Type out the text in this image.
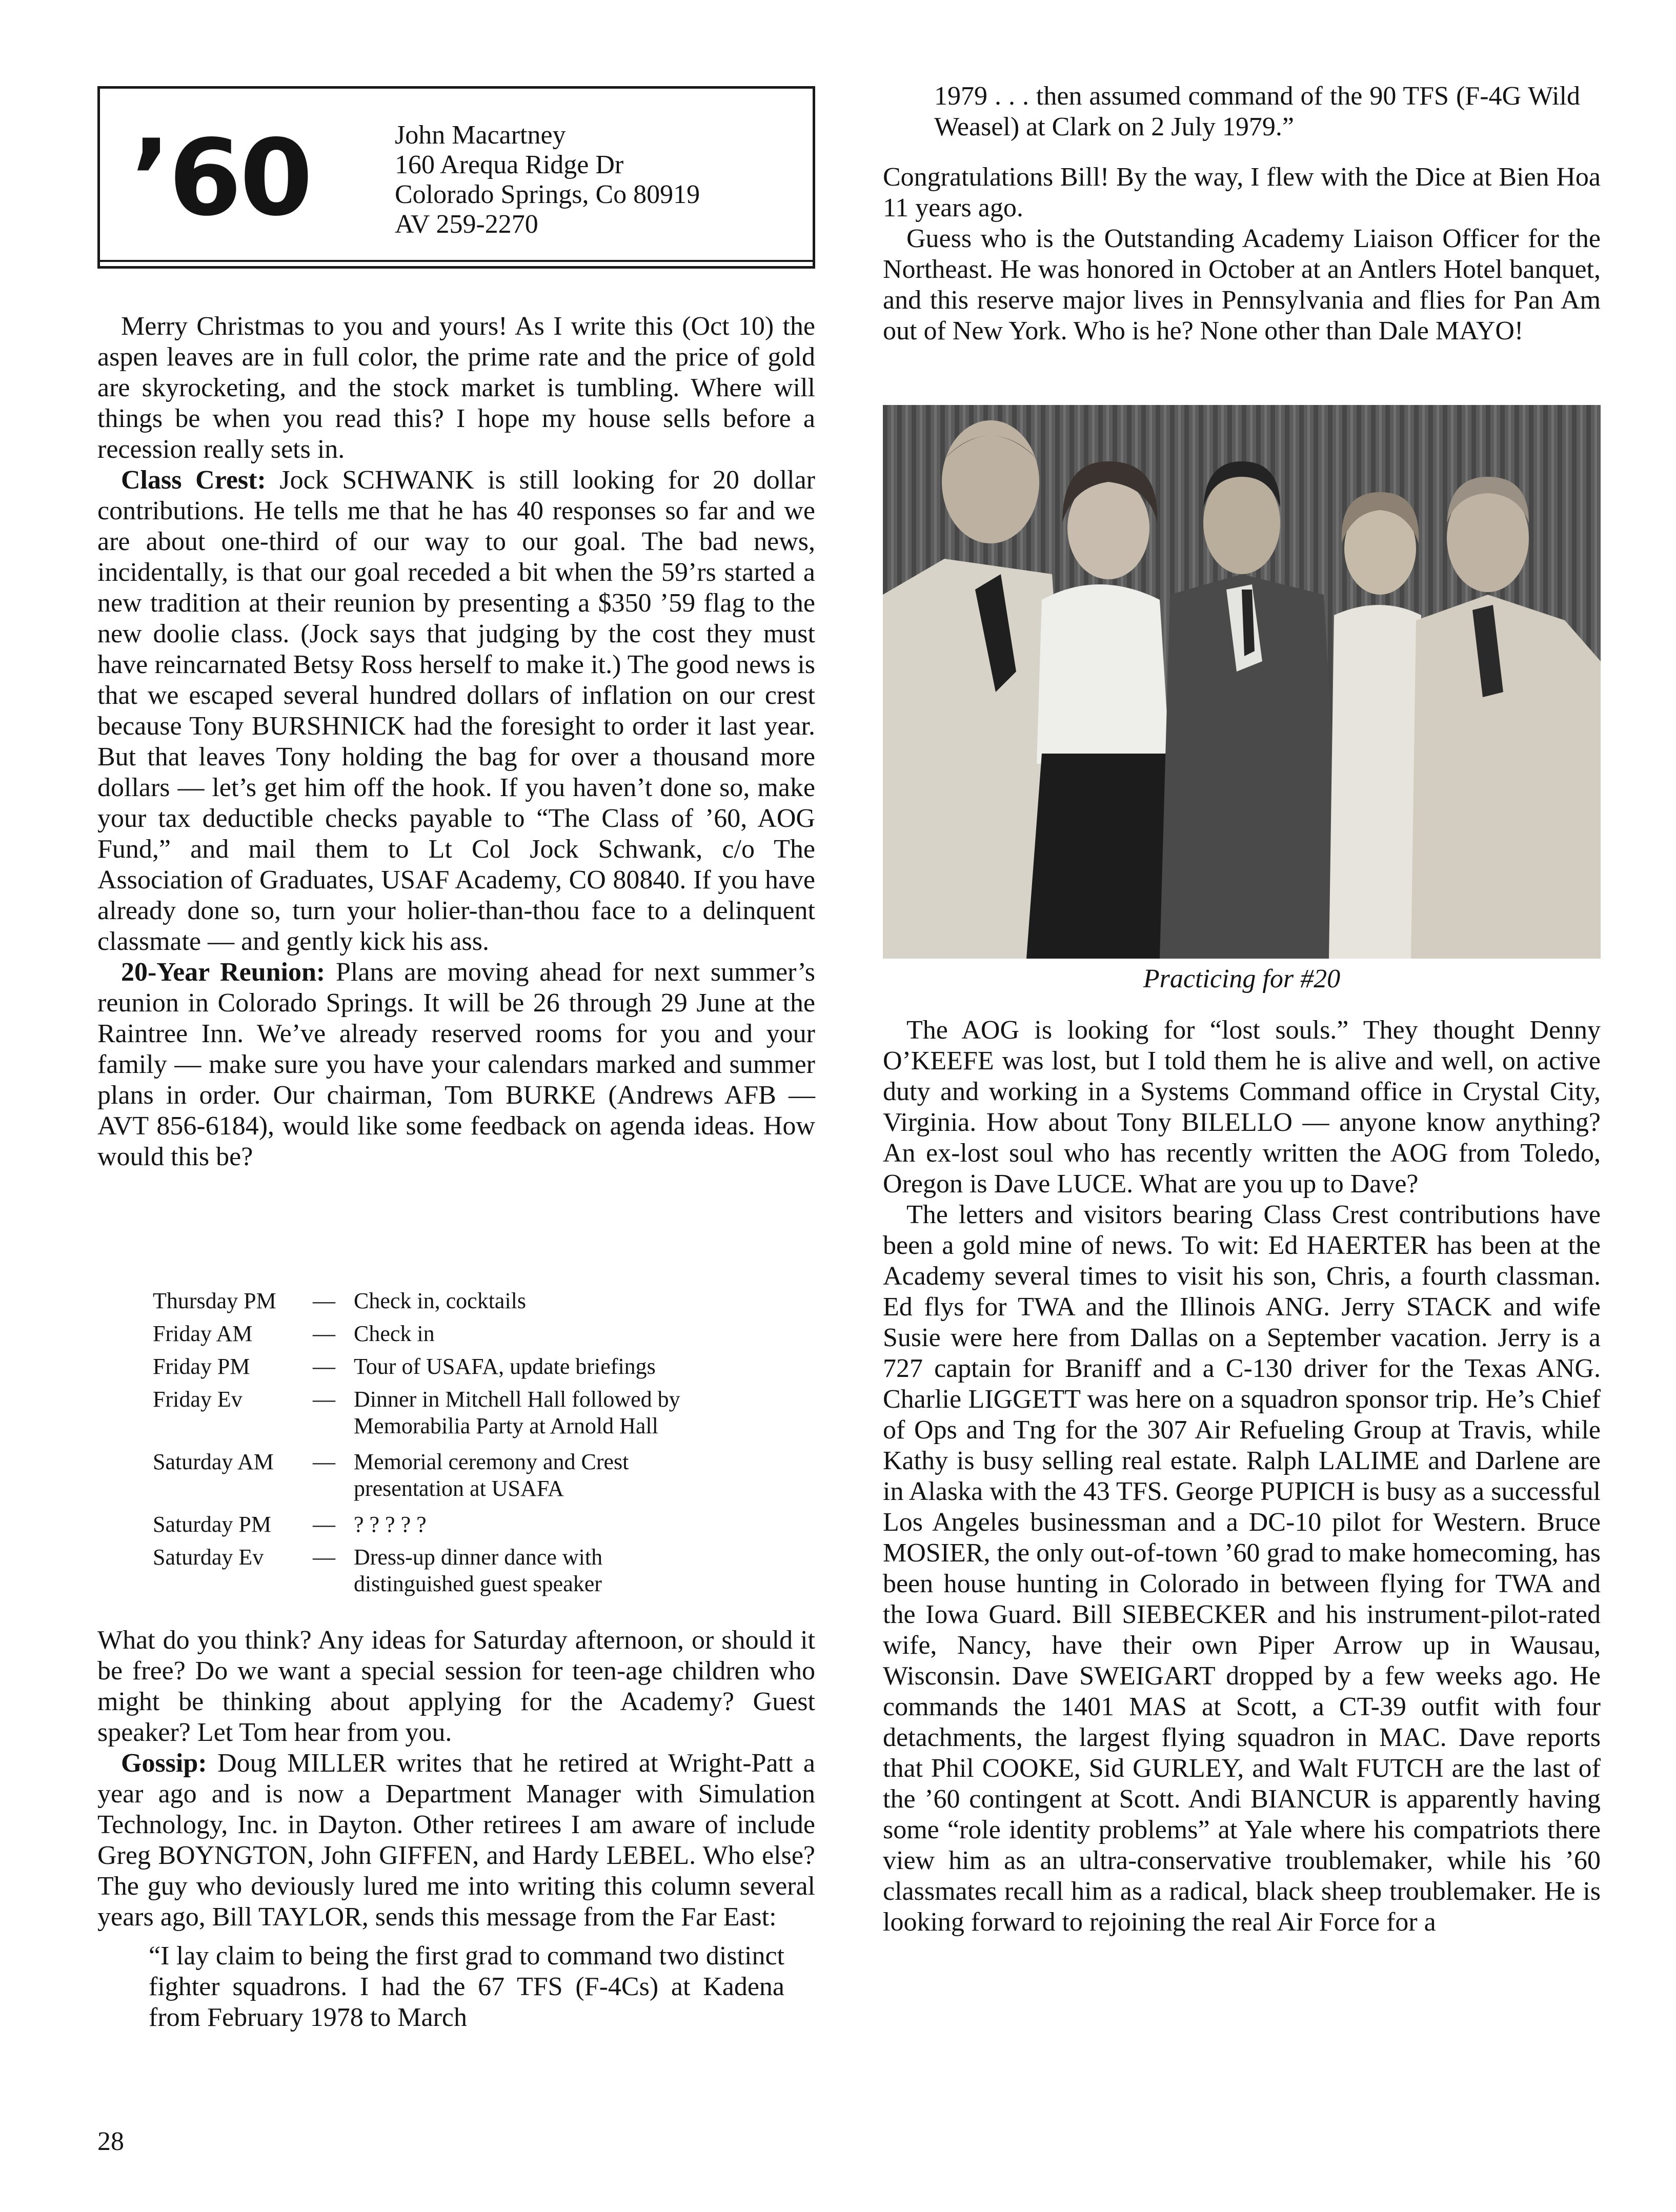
’60	John Macartney
160 Arequa Ridge Dr
Colorado Springs, Co 80919
AV 259-2270

Merry Christmas to you and yours! As I write this (Oct 10) the aspen leaves are in full color, the prime rate and the price of gold are skyrocketing, and the stock market is tumbling. Where will things be when you read this? I hope my house sells before a recession really sets in.

Class Crest: Jock SCHWANK is still looking for 20 dollar contributions. He tells me that he has 40 responses so far and we are about one-third of our way to our goal. The bad news, incidentally, is that our goal receded a bit when the 59’rs started a new tradition at their reunion by presenting a $350 ’59 flag to the new doolie class. (Jock says that judging by the cost they must have reincarnated Betsy Ross herself to make it.) The good news is that we escaped several hundred dollars of inflation on our crest because Tony BURSHNICK had the foresight to order it last year. But that leaves Tony holding the bag for over a thousand more dollars — let’s get him off the hook. If you haven’t done so, make your tax deductible checks payable to “The Class of ’60, AOG Fund,” and mail them to Lt Col Jock Schwank, c/o The Association of Graduates, USAF Academy, CO 80840. If you have already done so, turn your holier-than-thou face to a delinquent classmate — and gently kick his ass.

20-Year Reunion: Plans are moving ahead for next summer’s reunion in Colorado Springs. It will be 26 through 29 June at the Raintree Inn. We’ve already reserved rooms for you and your family — make sure you have your calendars marked and summer plans in order. Our chairman, Tom BURKE (Andrews AFB — AVT 856-6184), would like some feedback on agenda ideas. How would this be?

Thursday PM — Check in, cocktails
Friday AM	— Check in
Friday PM	— Tour of USAFA, update briefings
Friday Ev	— Dinner in Mitchell Hall followed by
Memorabilia Party at Arnold Hall
Saturday AM — Memorial ceremony and Crest
presentation at USAFA
Saturday PM — ? ? ? ? ?
Saturday Ev — Dress-up dinner dance with
distinguished guest speaker

What do you think? Any ideas for Saturday afternoon, or should it be free? Do we want a special session for teen-age children who might be thinking about applying for the Academy? Guest speaker? Let Tom hear from you.

Gossip: Doug MILLER writes that he retired at Wright-Patt a year ago and is now a Department Manager with Simulation Technology, Inc. in Dayton. Other retirees I am aware of include Greg BOYNGTON, John GIFFEN, and Hardy LEBEL. Who else? The guy who deviously lured me into writing this column several years ago, Bill TAYLOR, sends this message from the Far East:

“I lay claim to being the first grad to command two distinct fighter squadrons. I had the 67 TFS (F-4Cs) at Kadena from February 1978 to March

28

1979 . . . then assumed command of the 90 TFS (F-4G Wild Weasel) at Clark on 2 July 1979.”

Congratulations Bill! By the way, I flew with the Dice at Bien Hoa 11 years ago.

Guess who is the Outstanding Academy Liaison Officer for the Northeast. He was honored in October at an Antlers Hotel banquet, and this reserve major lives in Pennsylvania and flies for Pan Am out of New York. Who is he? None other than Dale MAYO!

Practicing for #20

The AOG is looking for “lost souls.” They thought Denny O’KEEFE was lost, but I told them he is alive and well, on active duty and working in a Systems Command office in Crystal City, Virginia. How about Tony BILELLO — anyone know anything? An ex-lost soul who has recently written the AOG from Toledo, Oregon is Dave LUCE. What are you up to Dave?

The letters and visitors bearing Class Crest contributions have been a gold mine of news. To wit: Ed HAERTER has been at the Academy several times to visit his son, Chris, a fourth classman. Ed flys for TWA and the Illinois ANG. Jerry STACK and wife Susie were here from Dallas on a September vacation. Jerry is a 727 captain for Braniff and a C-130 driver for the Texas ANG. Charlie LIGGETT was here on a squadron sponsor trip. He’s Chief of Ops and Tng for the 307 Air Refueling Group at Travis, while Kathy is busy selling real estate. Ralph LALIME and Darlene are in Alaska with the 43 TFS. George PUPICH is busy as a successful Los Angeles businessman and a DC-10 pilot for Western. Bruce MOSIER, the only out-of-town ’60 grad to make homecoming, has been house hunting in Colorado in between flying for TWA and the Iowa Guard. Bill SIEBECKER and his instrument-pilot-rated wife, Nancy, have their own Piper Arrow up in Wausau, Wisconsin. Dave SWEIGART dropped by a few weeks ago. He commands the 1401 MAS at Scott, a CT-39 outfit with four detachments, the largest flying squadron in MAC. Dave reports that Phil COOKE, Sid GURLEY, and Walt FUTCH are the last of the ’60 contingent at Scott. Andi BIANCUR is apparently having some “role identity problems” at Yale where his compatriots there view him as an ultra-conservative troublemaker, while his ’60 classmates recall him as a radical, black sheep troublemaker. He is looking forward to rejoining the real Air Force for a
